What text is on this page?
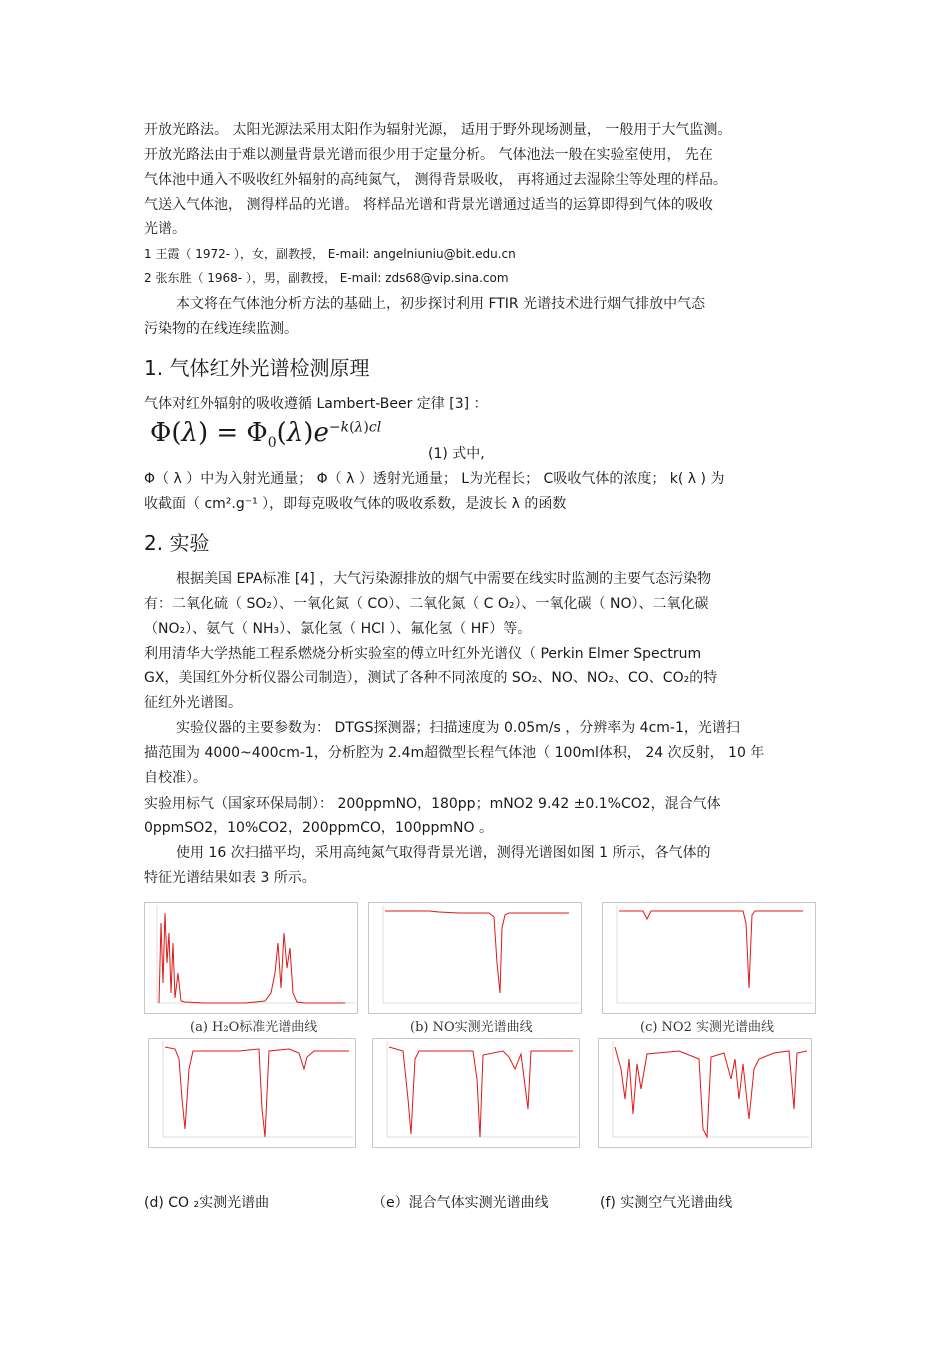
开放光路法。 太阳光源法采用太阳作为辐射光源， 适用于野外现场测量， 一般用于大气监测。
开放光路法由于难以测量背景光谱而很少用于定量分析。 气体池法一般在实验室使用， 先在
气体池中通入不吸收红外辐射的高纯氮气， 测得背景吸收， 再将通过去湿除尘等处理的样品。
气送入气体池， 测得样品的光谱。 将样品光谱和背景光谱通过适当的运算即得到气体的吸收
光谱。
1 王霞（ 1972- ），女，副教授， E-mail: angelniuniu@bit.edu.cn
2 张东胜（ 1968- ），男，副教授， E-mail: zds68@vip.sina.com
本文将在气体池分析方法的基础上，初步探讨利用 FTIR 光谱技术进行烟气排放中气态
污染物的在线连续监测。
1. 气体红外光谱检测原理
气体对红外辐射的吸收遵循 Lambert-Beer 定律 [3] ：
$\Phi(\lambda) = \Phi_0(\lambda)e^{-k(\lambda)cl}$
(1) 式中,
Φ（ λ ）中为入射光通量； Φ（ λ ）透射光通量； L为光程长； C吸收气体的浓度； k( λ ) 为
收截面（ cm².g⁻¹ ），即每克吸收气体的吸收系数，是波长 λ 的函数
2. 实验
根据美国 EPA标准 [4] ，大气污染源排放的烟气中需要在线实时监测的主要气态污染物
有：二氧化硫（ SO₂）、一氧化氮（ CO）、二氧化氮（ C O₂）、一氧化碳（ NO）、二氧化碳
（NO₂）、氨气（ NH₃）、氯化氢（ HCl ）、氟化氢（ HF）等。
利用清华大学热能工程系燃烧分析实验室的傅立叶红外光谱仪（ Perkin Elmer Spectrum
GX，美国红外分析仪器公司制造），测试了各种不同浓度的 SO₂、NO、NO₂、CO、CO₂的特
征红外光谱图。
实验仪器的主要参数为： DTGS探测器；扫描速度为 0.05m/s ，分辨率为 4cm-1，光谱扫
描范围为 4000~400cm-1，分析腔为 2.4m超微型长程气体池（ 100ml体积， 24 次反射， 10 年
自校准）。
实验用标气（国家环保局制）： 200ppmNO，180pp；mNO2 9.42 ±0.1%CO2，混合气体
0ppmSO2，10%CO2，200ppmCO，100ppmNO 。
使用 16 次扫描平均，采用高纯氮气取得背景光谱，测得光谱图如图 1 所示，各气体的
特征光谱结果如表 3 所示。
(a) H₂O标准光谱曲线	(b) NO实测光谱曲线	(c) NO2 实测光谱曲线
(d) CO ₂实测光谱曲	（e）混合气体实测光谱曲线	(f) 实测空气光谱曲线
